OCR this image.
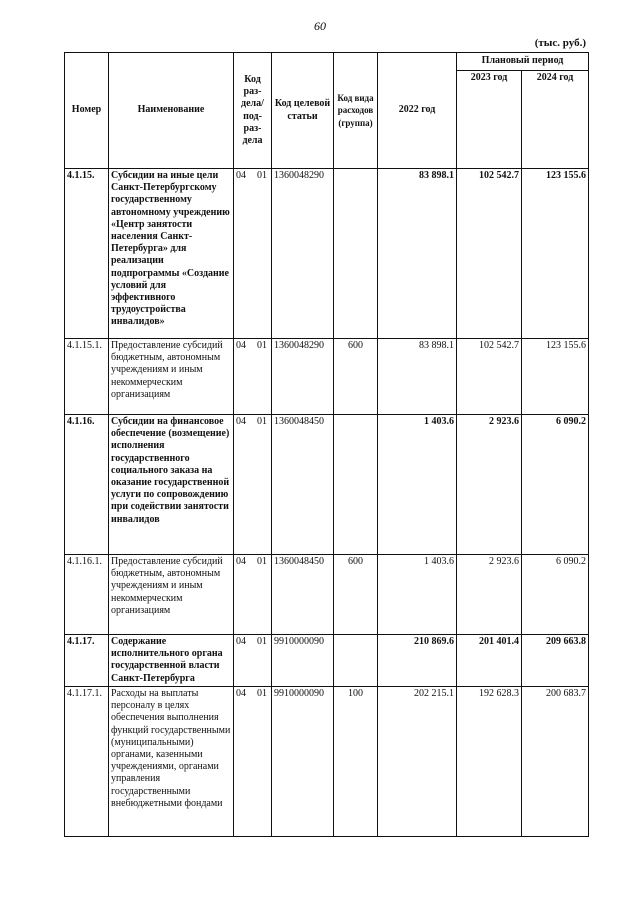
60
(тыс. руб.)
Номер	Наименование	Код раз- дела/ под- раз- дела	Код целевой статьи	Код вида расходов (группа)	2022 год	Плановый период	
						2023 год	2024 год
4.1.15.	Субсидии на иные цели Санкт-Петербургскому государственному автономному учреждению «Центр занятости населения Санкт-Петербурга» для реализации подпрограммы «Создание условий для эффективного трудоустройства инвалидов»	04 01	1360048290		83 898.1	102 542.7	123 155.6
4.1.15.1.	Предоставление субсидий бюджетным, автономным учреждениям и иным некоммерческим организациям	04 01	1360048290	600	83 898.1	102 542.7	123 155.6
4.1.16.	Субсидии на финансовое обеспечение (возмещение) исполнения государственного социального заказа на оказание государственной услуги по сопровождению при содействии занятости инвалидов	04 01	1360048450		1 403.6	2 923.6	6 090.2
4.1.16.1.	Предоставление субсидий бюджетным, автономным учреждениям и иным некоммерческим организациям	04 01	1360048450	600	1 403.6	2 923.6	6 090.2
4.1.17.	Содержание исполнительного органа государственной власти Санкт-Петербурга	04 01	9910000090		210 869.6	201 401.4	209 663.8
4.1.17.1.	Расходы на выплаты персоналу в целях обеспечения выполнения функций государственными (муниципальными) органами, казенными учреждениями, органами управления государственными внебюджетными фондами	04 01	9910000090	100	202 215.1	192 628.3	200 683.7
